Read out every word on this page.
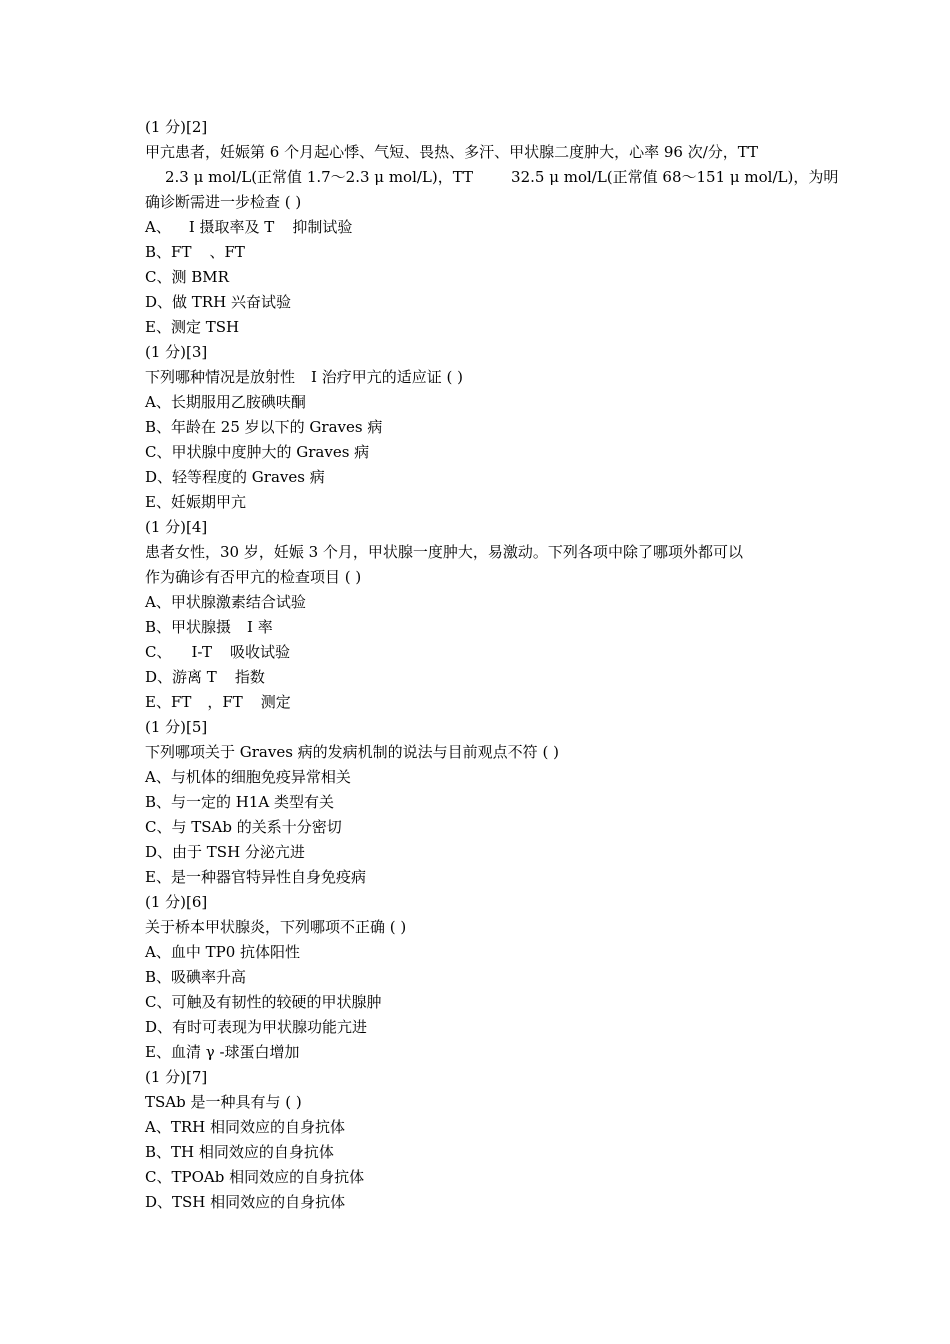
(1 分)[2]
甲亢患者，妊娠第 6 个月起心悸、气短、畏热、多汗、甲状腺二度肿大，心率 96 次/分，TT
2.3 μ mol/L(正常值 1.7～2.3 μ mol/L)，TT	32.5 μ mol/L(正常值 68～151 μ mol/L)，为明
确诊断需进一步检查 ( )
A、 I 摄取率及 T 抑制试验
B、FT 、FT
C、测 BMR
D、做 TRH 兴奋试验
E、测定 TSH
(1 分)[3]
下列哪种情况是放射性 I 治疗甲亢的适应证 ( )
A、长期服用乙胺碘呋酮
B、年龄在 25 岁以下的 Graves 病
C、甲状腺中度肿大的 Graves 病
D、轻等程度的 Graves 病
E、妊娠期甲亢
(1 分)[4]
患者女性，30 岁，妊娠 3 个月，甲状腺一度肿大，易激动。下列各项中除了哪项外都可以
作为确诊有否甲亢的检查项目 ( )
A、甲状腺激素结合试验
B、甲状腺摄 I 率
C、 I-T 吸收试验
D、游离 T 指数
E、FT ，FT 测定
(1 分)[5]
下列哪项关于 Graves 病的发病机制的说法与目前观点不符 ( )
A、与机体的细胞免疫异常相关
B、与一定的 H1A 类型有关
C、与 TSAb 的关系十分密切
D、由于 TSH 分泌亢进
E、是一种器官特异性自身免疫病
(1 分)[6]
关于桥本甲状腺炎，下列哪项不正确 ( )
A、血中 TP0 抗体阳性
B、吸碘率升高
C、可触及有韧性的较硬的甲状腺肿
D、有时可表现为甲状腺功能亢进
E、血清 γ -球蛋白增加
(1 分)[7]
TSAb 是一种具有与 ( )
A、TRH 相同效应的自身抗体
B、TH 相同效应的自身抗体
C、TPOAb 相同效应的自身抗体
D、TSH 相同效应的自身抗体
